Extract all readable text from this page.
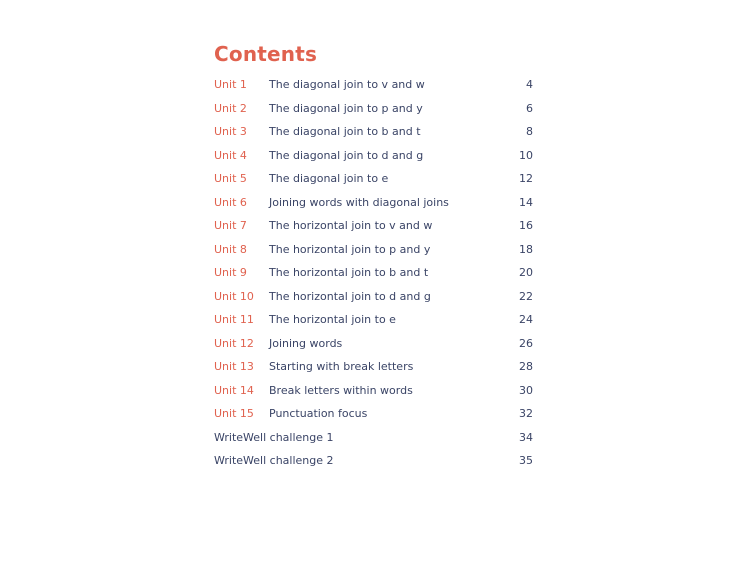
Contents
Unit 1 The diagonal join to v and w	4
Unit 2 The diagonal join to p and y	6
Unit 3 The diagonal join to b and t	8
Unit 4 The diagonal join to d and g	10
Unit 5 The diagonal join to e	12
Unit 6 Joining words with diagonal joins	14
Unit 7 The horizontal join to v and w	16
Unit 8 The horizontal join to p and y	18
Unit 9 The horizontal join to b and t	20
Unit 10 The horizontal join to d and g	22
Unit 11 The horizontal join to e	24
Unit 12 Joining words	26
Unit 13 Starting with break letters	28
Unit 14 Break letters within words	30
Unit 15 Punctuation focus	32
WriteWell challenge 1	34
WriteWell challenge 2	35
